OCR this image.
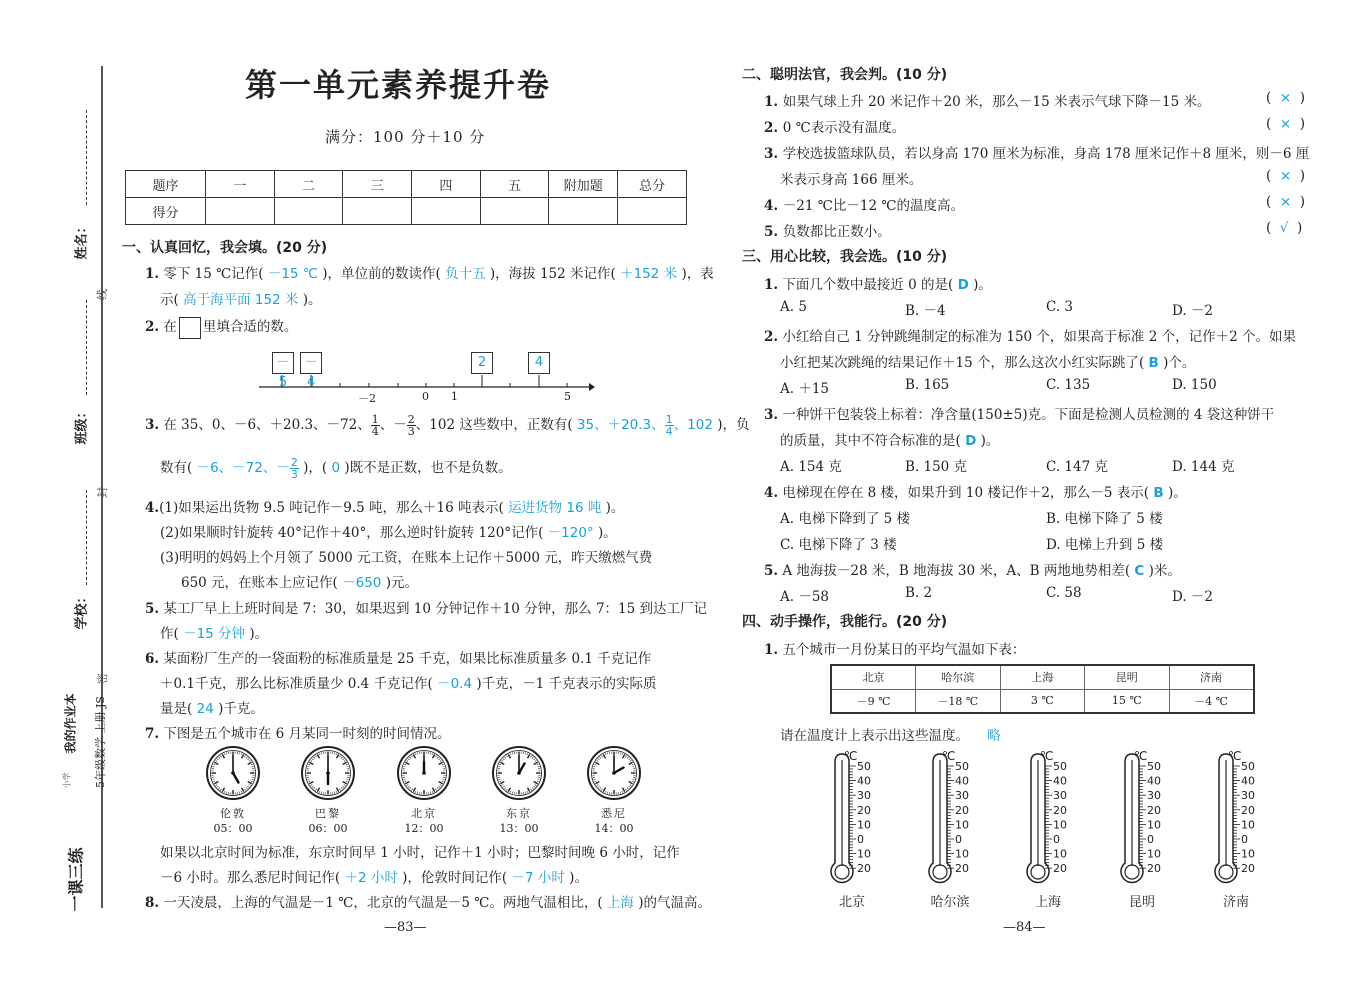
姓名：
线
班级：
封
学校：
密
一课三练
小学
我的作业本 5年级数学 上册 JS
第一单元素养提升卷
满分：100 分＋10 分
题序	一	二	三	四	五	附加题	总分
得分							
一、认真回忆，我会填。(20 分)
1. 零下 15 ℃记作( －15 ℃ )，单位前的数读作( 负十五 )，海拔 152 米记作( ＋152 米 )，表
示( 高于海平面 152 米 )。
2. 在 里填合适的数。
－5
－4
2	4
－2	0 1	5
3. 在 35、0、－6、＋20.3、－72、 $\frac{1}{4}$ 、－ $\frac{2}{3}$ 、102 这些数中，正数有( 35、＋20.3、 $\frac{1}{4}$ 、102 )，负
数有( －6、－72、－ $\frac{2}{3}$ )，( 0 )既不是正数，也不是负数。
4.(1)如果运出货物 9.5 吨记作－9.5 吨，那么＋16 吨表示( 运进货物 16 吨 )。
(2)如果顺时针旋转 40°记作＋40°，那么逆时针旋转 120°记作( －120° )。
(3)明明的妈妈上个月领了 5000 元工资，在账本上记作＋5000 元，昨天缴燃气费
650 元，在账本上应记作( －650 )元。
5. 某工厂早上上班时间是 7：30，如果迟到 10 分钟记作＋10 分钟，那么 7：15 到达工厂记
作( －15 分钟 )。
6. 某面粉厂生产的一袋面粉的标准质量是 25 千克，如果比标准质量多 0.1 千克记作
＋0.1千克，那么比标准质量少 0.4 千克记作( －0.4 )千克，－1 千克表示的实际质
量是( 24 )千克。
7. 下图是五个城市在 6 月某同一时刻的时间情况。
伦敦
05：00
巴黎
06：00
北京
12：00
东京
13：00
悉尼
14：00
如果以北京时间为标准，东京时间早 1 小时，记作＋1 小时；巴黎时间晚 6 小时，记作
－6 小时。那么悉尼时间记作( ＋2 小时 )，伦敦时间记作( －7 小时 )。
8. 一天凌晨，上海的气温是－1 ℃，北京的气温是－5 ℃。两地气温相比，( 上海 )的气温高。
—83—
二、聪明法官，我会判。(10 分)
1. 如果气球上升 20 米记作＋20 米，那么－15 米表示气球下降－15 米。	(  ×  )
2. 0 ℃表示没有温度。	(  ×  )
3. 学校选拔篮球队员，若以身高 170 厘米为标准，身高 178 厘米记作＋8 厘米，则－6 厘
米表示身高 166 厘米。	(  ×  )
4. －21 ℃比－12 ℃的温度高。	(  ×  )
5. 负数都比正数小。	(  √  )
三、用心比较，我会选。(10 分)
1. 下面几个数中最接近 0 的是( D )。
A. 5	B. －4	C. 3	D. －2
2. 小红给自己 1 分钟跳绳制定的标准为 150 个，如果高于标准 2 个，记作＋2 个。如果
小红把某次跳绳的结果记作＋15 个，那么这次小红实际跳了( B )个。
A. ＋15	B. 165	C. 135	D. 150
3. 一种饼干包装袋上标着：净含量(150±5)克。下面是检测人员检测的 4 袋这种饼干
的质量，其中不符合标准的是( D )。
A. 154 克	B. 150 克	C. 147 克	D. 144 克
4. 电梯现在停在 8 楼，如果升到 10 楼记作＋2，那么－5 表示( B )。
A. 电梯下降到了 5 楼	B. 电梯下降了 5 楼
C. 电梯下降了 3 楼	D. 电梯上升到 5 楼
5. A 地海拔－28 米，B 地海拔 30 米，A、B 两地地势相差( C )米。
A. －58	B. 2	C. 58	D. －2
四、动手操作，我能行。(20 分)
1. 五个城市一月份某日的平均气温如下表：
北京	哈尔滨	上海	昆明	济南
－9 ℃	－18 ℃	3 ℃	15 ℃	－4 ℃
请在温度计上表示出这些温度。 略
℃
50
40
30
20
10
0
10
20
北京
℃
50
40
30
20
10
0
10
20
哈尔滨
℃
50
40
30
20
10
0
10
20
上海
℃
50
40
30
20
10
0
10
20
昆明
℃
50
40
30
20
10
0
10
20
济南
—84—
